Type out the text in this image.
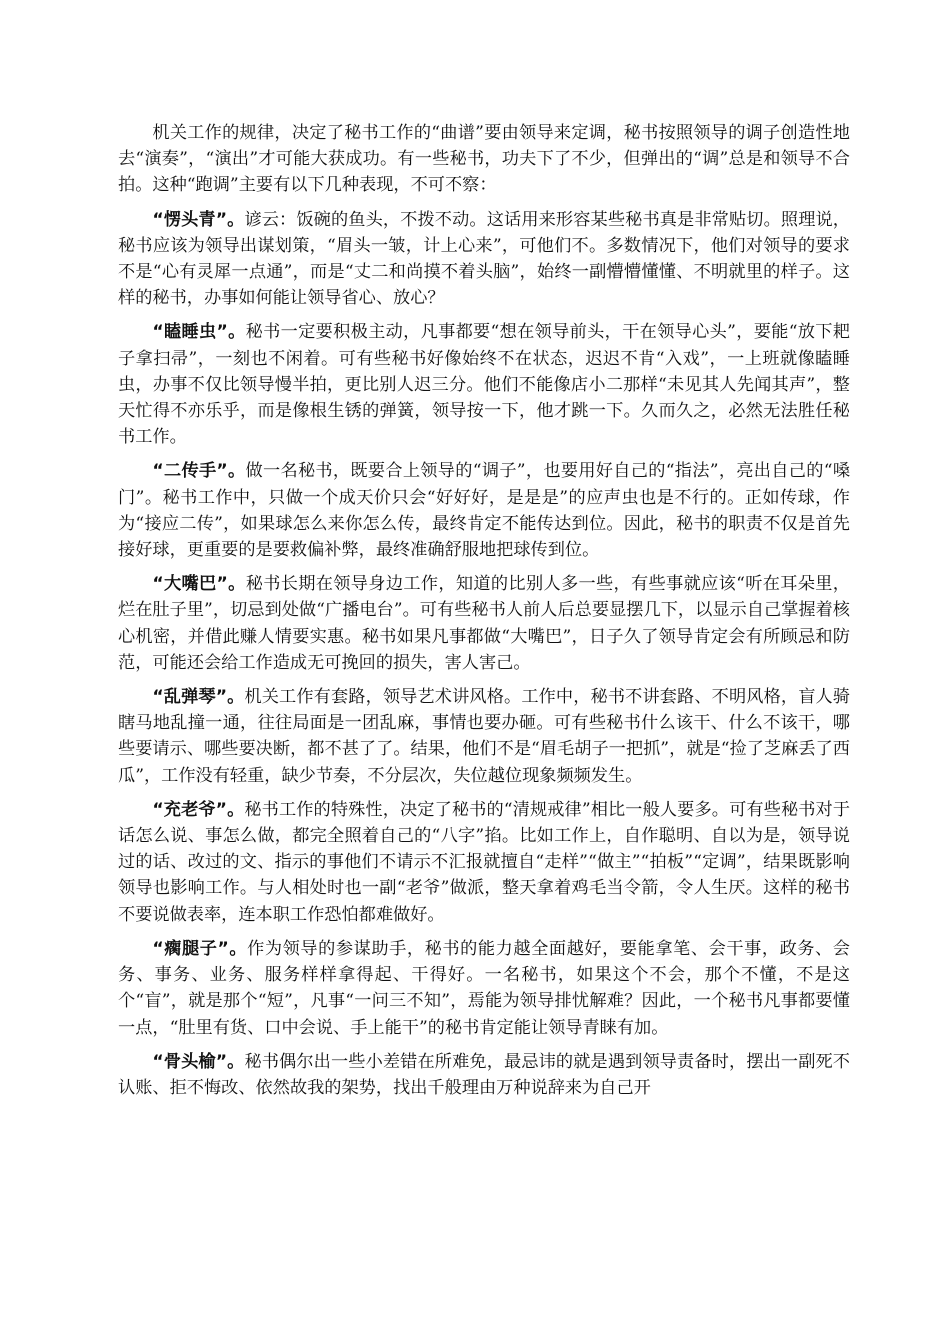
机关工作的规律，决定了秘书工作的“曲谱”要由领导来定调，秘书按照领导的调子创造性地去“演奏”，“演出”才可能大获成功。有一些秘书，功夫下了不少，但弹出的“调”总是和领导不合拍。这种“跑调”主要有以下几种表现，不可不察：

“愣头青”。谚云：饭碗的鱼头，不拨不动。这话用来形容某些秘书真是非常贴切。照理说，秘书应该为领导出谋划策，“眉头一皱，计上心来”，可他们不。多数情况下，他们对领导的要求不是“心有灵犀一点通”，而是“丈二和尚摸不着头脑”，始终一副懵懵懂懂、不明就里的样子。这样的秘书，办事如何能让领导省心、放心？

“瞌睡虫”。秘书一定要积极主动，凡事都要“想在领导前头，干在领导心头”，要能“放下耙子拿扫帚”，一刻也不闲着。可有些秘书好像始终不在状态，迟迟不肯“入戏”，一上班就像瞌睡虫，办事不仅比领导慢半拍，更比别人迟三分。他们不能像店小二那样“未见其人先闻其声”，整天忙得不亦乐乎，而是像根生锈的弹簧，领导按一下，他才跳一下。久而久之，必然无法胜任秘书工作。

“二传手”。做一名秘书，既要合上领导的“调子”，也要用好自己的“指法”，亮出自己的“嗓门”。秘书工作中，只做一个成天价只会“好好好，是是是”的应声虫也是不行的。正如传球，作为“接应二传”，如果球怎么来你怎么传，最终肯定不能传达到位。因此，秘书的职责不仅是首先接好球，更重要的是要救偏补弊，最终准确舒服地把球传到位。

“大嘴巴”。秘书长期在领导身边工作，知道的比别人多一些，有些事就应该“听在耳朵里，烂在肚子里”，切忌到处做“广播电台”。可有些秘书人前人后总要显摆几下，以显示自己掌握着核心机密，并借此赚人情要实惠。秘书如果凡事都做“大嘴巴”，日子久了领导肯定会有所顾忌和防范，可能还会给工作造成无可挽回的损失，害人害己。

“乱弹琴”。机关工作有套路，领导艺术讲风格。工作中，秘书不讲套路、不明风格，盲人骑瞎马地乱撞一通，往往局面是一团乱麻，事情也要办砸。可有些秘书什么该干、什么不该干，哪些要请示、哪些要决断，都不甚了了。结果，他们不是“眉毛胡子一把抓”，就是“捡了芝麻丢了西瓜”，工作没有轻重，缺少节奏，不分层次，失位越位现象频频发生。

“充老爷”。秘书工作的特殊性，决定了秘书的“清规戒律”相比一般人要多。可有些秘书对于话怎么说、事怎么做，都完全照着自己的“八字”掐。比如工作上，自作聪明、自以为是，领导说过的话、改过的文、指示的事他们不请示不汇报就擅自“走样”“做主”“拍板”“定调”，结果既影响领导也影响工作。与人相处时也一副“老爷”做派，整天拿着鸡毛当令箭，令人生厌。这样的秘书不要说做表率，连本职工作恐怕都难做好。

“瘸腿子”。作为领导的参谋助手，秘书的能力越全面越好，要能拿笔、会干事，政务、会务、事务、业务、服务样样拿得起、干得好。一名秘书，如果这个不会，那个不懂，不是这个“盲”，就是那个“短”，凡事“一问三不知”，焉能为领导排忧解难？因此，一个秘书凡事都要懂一点，“肚里有货、口中会说、手上能干”的秘书肯定能让领导青睐有加。

“骨头榆”。秘书偶尔出一些小差错在所难免，最忌讳的就是遇到领导责备时，摆出一副死不认账、拒不悔改、依然故我的架势，找出千般理由万种说辞来为自己开
